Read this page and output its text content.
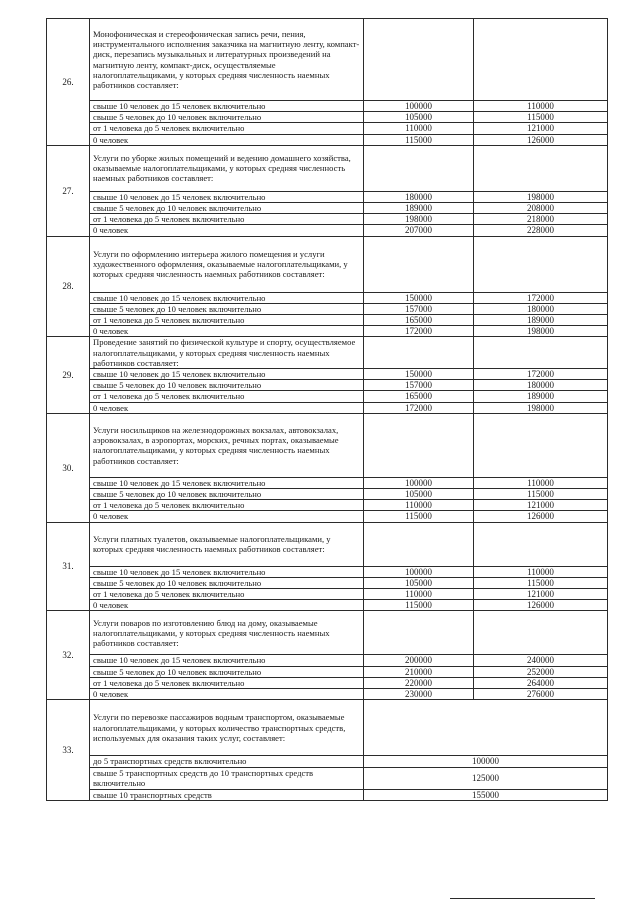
26.	Монофоническая и стереофоническая запись речи, пения, инструментального исполнения заказчика на магнитную ленту, компакт-диск, перезапись музыкальных и литературных произведений на магнитную ленту, компакт-диск, осуществляемые налогоплательщиками, у которых средняя численность наемных работников составляет:		
	свыше 10 человек до 15 человек включительно	100000	110000
	свыше 5 человек до 10 человек включительно	105000	115000
	от 1 человека до 5 человек включительно	110000	121000
	0 человек	115000	126000
27.	Услуги по уборке жилых помещений и ведению домашнего хозяйства, оказываемые налогоплательщиками, у которых средняя численность наемных работников составляет:		
	свыше 10 человек до 15 человек включительно	180000	198000
	свыше 5 человек до 10 человек включительно	189000	208000
	от 1 человека до 5 человек включительно	198000	218000
	0 человек	207000	228000
28.	Услуги по оформлению интерьера жилого помещения и услуги художественного оформления, оказываемые налогоплательщиками, у которых средняя численность наемных работников составляет:		
	свыше 10 человек до 15 человек включительно	150000	172000
	свыше 5 человек до 10 человек включительно	157000	180000
	от 1 человека до 5 человек включительно	165000	189000
	0 человек	172000	198000
29.	Проведение занятий по физической культуре и спорту, осуществляемое налогоплательщиками, у которых средняя численность наемных работников составляет:		
	свыше 10 человек до 15 человек включительно	150000	172000
	свыше 5 человек до 10 человек включительно	157000	180000
	от 1 человека до 5 человек включительно	165000	189000
	0 человек	172000	198000
30.	Услуги носильщиков на железнодорожных вокзалах, автовокзалах, аэровокзалах, в аэропортах, морских, речных портах, оказываемые налогоплательщиками, у которых средняя численность наемных работников составляет:		
	свыше 10 человек до 15 человек включительно	100000	110000
	свыше 5 человек до 10 человек включительно	105000	115000
	от 1 человека до 5 человек включительно	110000	121000
	0 человек	115000	126000
31.	Услуги платных туалетов, оказываемые налогоплательщиками, у которых средняя численность наемных работников составляет:		
	свыше 10 человек до 15 человек включительно	100000	110000
	свыше 5 человек до 10 человек включительно	105000	115000
	от 1 человека до 5 человек включительно	110000	121000
	0 человек	115000	126000
32.	Услуги поваров по изготовлению блюд на дому, оказываемые налогоплательщиками, у которых средняя численность наемных работников составляет:		
	свыше 10 человек до 15 человек включительно	200000	240000
	свыше 5 человек до 10 человек включительно	210000	252000
	от 1 человека до 5 человек включительно	220000	264000
	0 человек	230000	276000
33.	Услуги по перевозке пассажиров водным транспортом, оказываемые налогоплательщиками, у которых количество транспортных средств, используемых для оказания таких услуг, составляет:		
	до 5 транспортных средств включительно	100000	
	свыше 5 транспортных средств до 10 транспортных средств включительно	125000	
	свыше 10 транспортных средств	155000	
